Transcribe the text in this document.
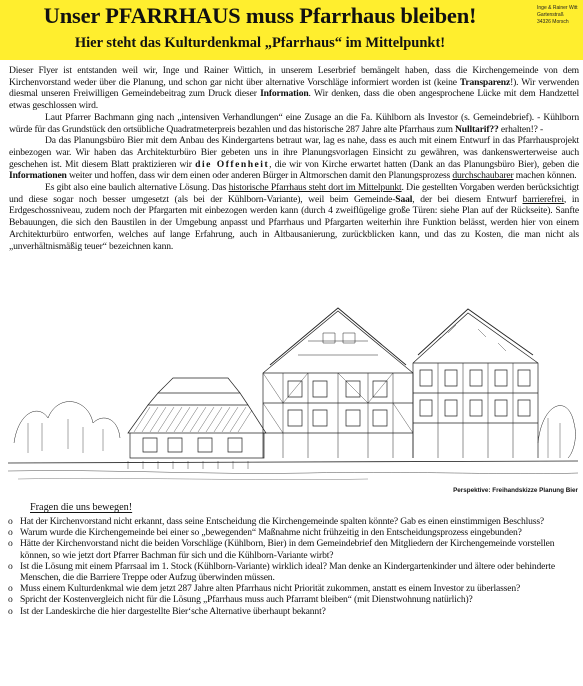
Unser PFARRHAUS muss Pfarrhaus bleiben!
Hier steht das Kulturdenkmal „Pfarrhaus“ im Mittelpunkt!
Inge & Rainer Witt
Gartenstraß
34326 Morsch

Dieser Flyer ist entstanden weil wir, Inge und Rainer Wittich, in unserem Leserbrief bemängelt haben, dass die Kirchengemeinde von dem Kirchenvorstand weder über die Planung, und schon gar nicht über alternative Vorschläge informiert worden ist (keine Transparenz!). Wir verwenden diesmal unseren Freiwilligen Gemeindebeitrag zum Druck dieser Information. Wir denken, dass die oben angesprochene Lücke mit dem Handzettel etwas geschlossen wird.

Laut Pfarrer Bachmann ging nach „intensiven Verhandlungen“ eine Zusage an die Fa. Kühlborn als Investor (s. Gemeindebrief). - Kühlborn würde für das Grundstück den ortsübliche Quadratmeterpreis bezahlen und das historische 287 Jahre alte Pfarrhaus zum Nulltarif?? erhalten!? -

Da das Planungsbüro Bier mit dem Anbau des Kindergartens betraut war, lag es nahe, dass es auch mit einem Entwurf in das Pfarrhausprojekt einbezogen war. Wir haben das Architekturbüro Bier gebeten uns in ihre Planungsvorlagen Einsicht zu gewähren, was dankenswerterweise auch geschehen ist. Mit diesem Blatt praktizieren wir die Offenheit, die wir von Kirche erwartet hatten (Dank an das Planungsbüro Bier), geben die Informationen weiter und hoffen, dass wir dem einen oder anderen Bürger in Altmorschen damit den Planungsprozess durchschaubarer machen können.

Es gibt also eine baulich alternative Lösung. Das historische Pfarrhaus steht dort im Mittelpunkt. Die gestellten Vorgaben werden berücksichtigt und diese sogar noch besser umgesetzt (als bei der Kühlborn-Variante), weil beim Gemeinde-Saal, der bei diesem Entwurf barrierefrei, in Erdgeschossniveau, zudem noch der Pfargarten mit einbezogen werden kann (durch 4 zweiflügelige große Türen: siehe Plan auf der Rückseite). Sanfte Bebauungen, die sich den Baustilen in der Umgebung anpasst und Pfarrhaus und Pfargarten weiterhin ihre Funktion belässt, werden hier von einem Architekturbüro entworfen, welches auf lange Erfahrung, auch in Altbausanierung, zurückblicken kann, und das zu Kosten, die man nicht als „unverhältnismäßig teuer“ bezeichnen kann.

Perspektive: Freihandskizze Planung Bier
Fragen die uns bewegen!
o Hat der Kirchenvorstand nicht erkannt, dass seine Entscheidung die Kirchengemeinde spalten könnte? Gab es einen einstimmigen Beschluss?
o Warum wurde die Kirchengemeinde bei einer so „bewegenden“ Maßnahme nicht frühzeitig in den Entscheidungsprozess eingebunden?
o Hätte der Kirchenvorstand nicht die beiden Vorschläge (Kühlborn, Bier) in dem Gemeindebrief den Mitgliedern der Kirchengemeinde vorstellen können, so wie jetzt dort Pfarrer Bachman für sich und die Kühlborn-Variante wirbt?
o Ist die Lösung mit einem Pfarrsaal im 1. Stock (Kühlborn-Variante) wirklich ideal? Man denke an Kindergartenkinder und ältere oder behinderte Menschen, die die Barriere Treppe oder Aufzug überwinden müssen.
o Muss einem Kulturdenkmal wie dem jetzt 287 Jahre alten Pfarrhaus nicht Priorität zukommen, anstatt es einem Investor zu überlassen?
o Spricht der Kostenvergleich nicht für die Lösung „Pfarrhaus muss auch Pfarramt bleiben“ (mit Dienstwohnung natürlich)?
o Ist der Landeskirche die hier dargestellte Bier‘sche Alternative überhaupt bekannt?
